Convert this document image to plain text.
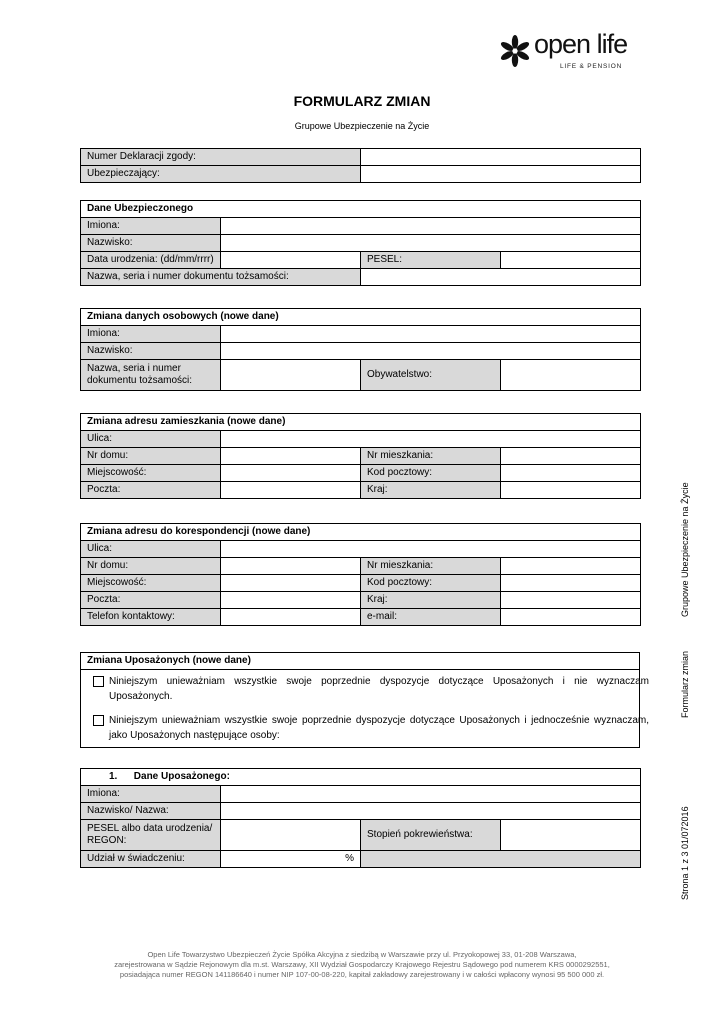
open life
LIFE & PENSION
FORMULARZ ZMIAN
Grupowe Ubezpieczenie na Życie
Numer Deklaracji zgody:	
Ubezpieczający:	
Dane Ubezpieczonego			
Imiona:			
Nazwisko:			
Data urodzenia: (dd/mm/rrrr)		PESEL:	
Nazwa, seria i numer dokumentu tożsamości:			
Zmiana danych osobowych (nowe dane)			
Imiona:			
Nazwisko:			
Nazwa, seria i numer dokumentu tożsamości:		Obywatelstwo:	
Zmiana adresu zamieszkania (nowe dane)			
Ulica:			
Nr domu:		Nr mieszkania:	
Miejscowość:		Kod pocztowy:	
Poczta:		Kraj:	
Zmiana adresu do korespondencji (nowe dane)			
Ulica:			
Nr domu:		Nr mieszkania:	
Miejscowość:		Kod pocztowy:	
Poczta:		Kraj:	
Telefon kontaktowy:		e-mail:	
Zmiana Uposażonych (nowe dane)
Niniejszym unieważniam wszystkie swoje poprzednie dyspozycje dotyczące Uposażonych i nie wyznaczam Uposażonych.
Niniejszym unieważniam wszystkie swoje poprzednie dyspozycje dotyczące Uposażonych i jednocześnie wyznaczam, jako Uposażonych następujące osoby:
1. Dane Uposażonego:			
Imiona:			
Nazwisko/ Nazwa:			
PESEL albo data urodzenia/ REGON:		Stopień pokrewieństwa:	
Udział w świadczeniu:	%		

Grupowe Ubezpieczenie na Życie
Formularz zmian
Strona 1 z 3 01/072016
Open Life Towarzystwo Ubezpieczeń Życie Spółka Akcyjna z siedzibą w Warszawie przy ul. Przyokopowej 33, 01-208 Warszawa,
zarejestrowana w Sądzie Rejonowym dla m.st. Warszawy, XII Wydział Gospodarczy Krajowego Rejestru Sądowego pod numerem KRS 0000292551,
posiadająca numer REGON 141186640 i numer NIP 107-00-08-220, kapitał zakładowy zarejestrowany i w całości wpłacony wynosi 95 500 000 zł.
